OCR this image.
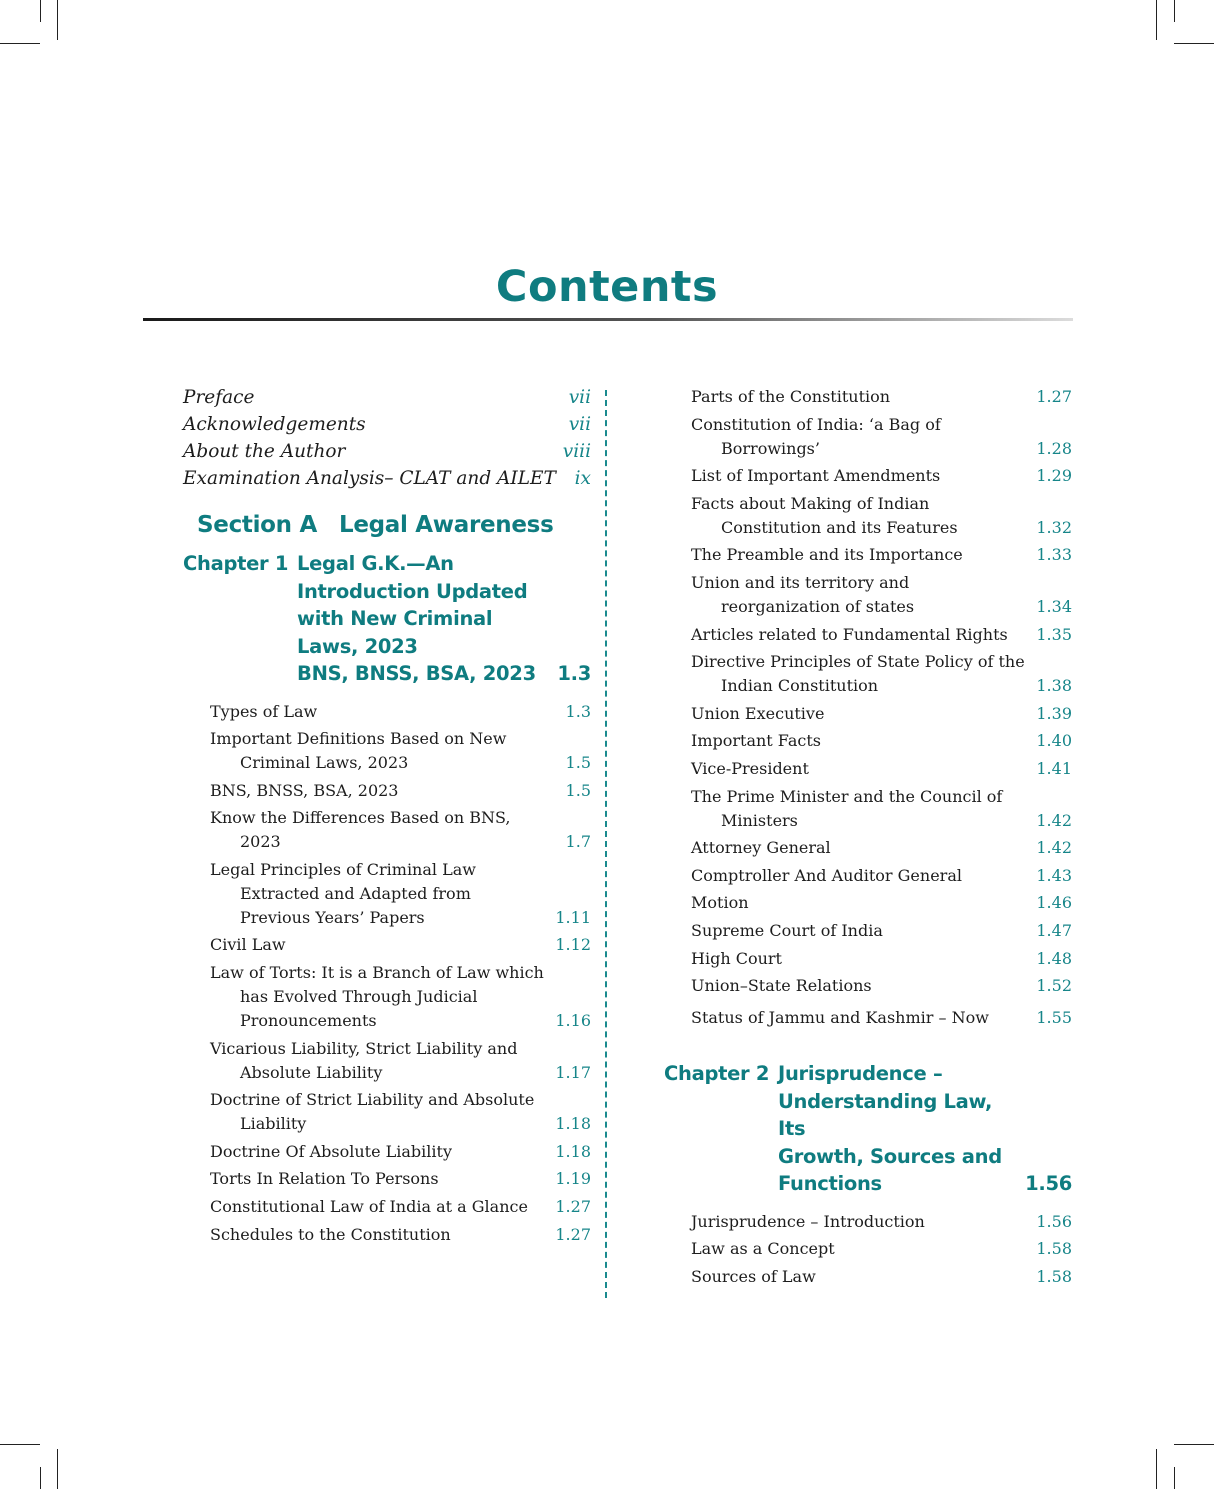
Contents
Preface	vii
Acknowledgements	vii
About the Author	viii
Examination Analysis– CLAT and AILET ix
Section A Legal Awareness
Chapter 1 Legal G.K.—An
Introduction Updated
with New Criminal
Laws, 2023
BNS, BNSS, BSA, 2023	1.3
Types of Law	1.3
Important Definitions Based on New Criminal Laws, 2023	1.5
BNS, BNSS, BSA, 2023	1.5
Know the Differences Based on BNS, 2023	1.7
Legal Principles of Criminal Law Extracted and Adapted from Previous Years’ Papers	1.11
Civil Law	1.12
Law of Torts: It is a Branch of Law which has Evolved Through Judicial Pronouncements	1.16
Vicarious Liability, Strict Liability and Absolute Liability	1.17
Doctrine of Strict Liability and Absolute Liability	1.18
Doctrine Of Absolute Liability	1.18
Torts In Relation To Persons	1.19
Constitutional Law of India at a Glance	1.27
Schedules to the Constitution	1.27
Parts of the Constitution	1.27
Constitution of India: ‘a Bag of Borrowings’	1.28
List of Important Amendments	1.29
Facts about Making of Indian Constitution and its Features	1.32
The Preamble and its Importance	1.33
Union and its territory and reorganization of states	1.34
Articles related to Fundamental Rights	1.35
Directive Principles of State Policy of the Indian Constitution	1.38
Union Executive	1.39
Important Facts	1.40
Vice-President	1.41
The Prime Minister and the Council of Ministers	1.42
Attorney General	1.42
Comptroller And Auditor General	1.43
Motion	1.46
Supreme Court of India	1.47
High Court	1.48
Union–State Relations	1.52
Status of Jammu and Kashmir – Now	1.55
Chapter 2 Jurisprudence –
Understanding Law, Its
Growth, Sources and
Functions	1.56
Jurisprudence – Introduction	1.56
Law as a Concept	1.58
Sources of Law	1.58
